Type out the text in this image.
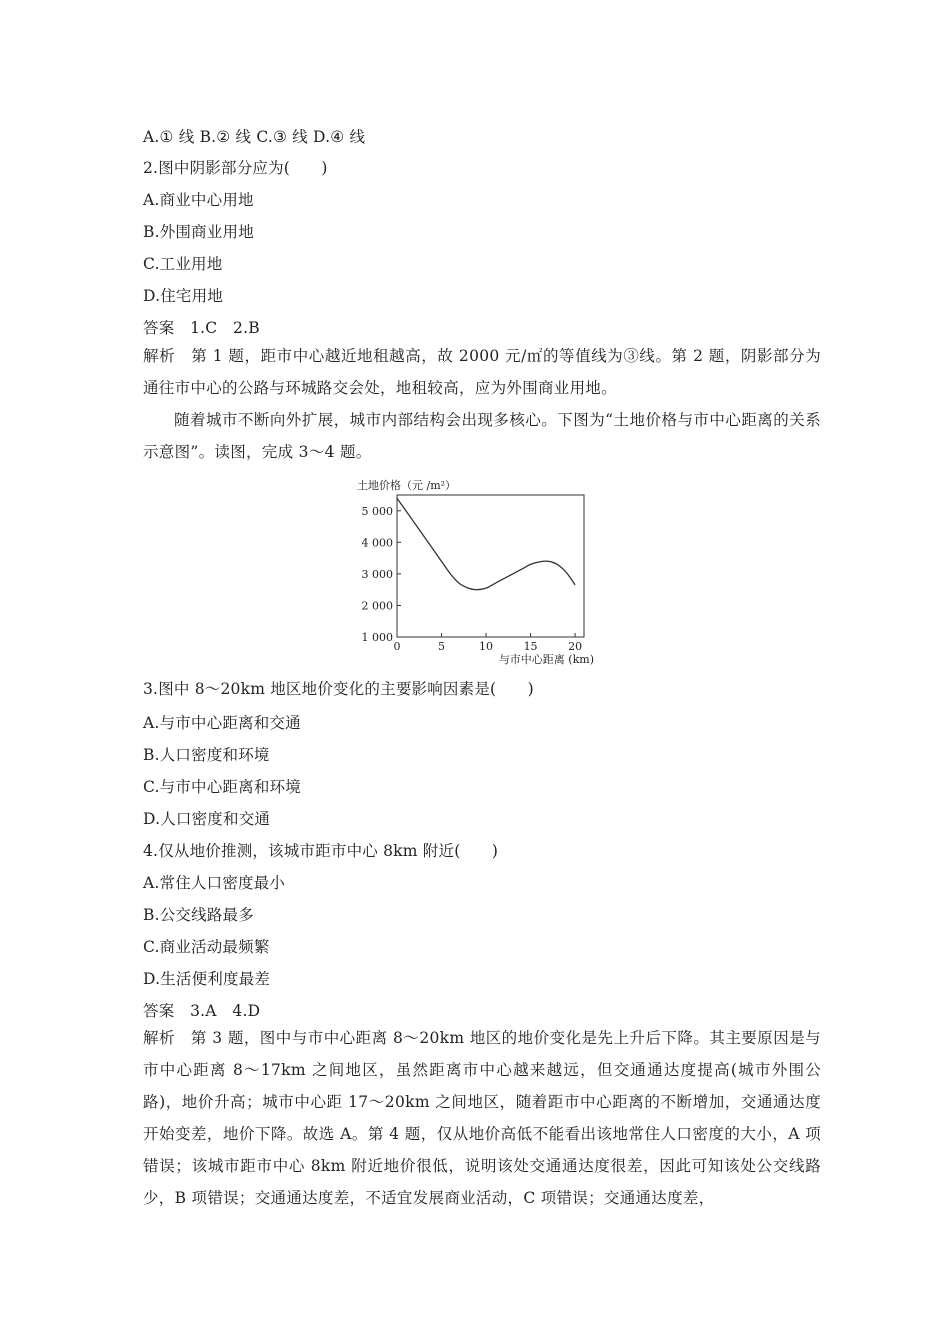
A.① 线 B.② 线 C.③ 线 D.④ 线
2.图中阴影部分应为(　　)
A.商业中心用地
B.外围商业用地
C.工业用地
D.住宅用地
答案　1.C　2.B
解析　第 1 题，距市中心越近地租越高，故 2000 元/㎡的等值线为③线。第 2 题，阴影部分为通往市中心的公路与环城路交会处，地租较高，应为外围商业用地。
随着城市不断向外扩展，城市内部结构会出现多核心。下图为“土地价格与市中心距离的关系示意图”。读图，完成 3～4 题。
土地价格（元 /m²）
1 000
2 000
3 000
4 000
5 000
0	5	10	15	20
与市中心距离 (km)
3.图中 8～20km 地区地价变化的主要影响因素是(　　)
A.与市中心距离和交通
B.人口密度和环境
C.与市中心距离和环境
D.人口密度和交通
4.仅从地价推测，该城市距市中心 8km 附近(　　)
A.常住人口密度最小
B.公交线路最多
C.商业活动最频繁
D.生活便利度最差
答案　3.A　4.D
解析　第 3 题，图中与市中心距离 8～20km 地区的地价变化是先上升后下降。其主要原因是与市中心距离 8～17km 之间地区，虽然距离市中心越来越远，但交通通达度提高(城市外围公路)，地价升高；城市中心距 17～20km 之间地区，随着距市中心距离的不断增加，交通通达度开始变差，地价下降。故选 A。第 4 题，仅从地价高低不能看出该地常住人口密度的大小，A 项错误；该城市距市中心 8km 附近地价很低，说明该处交通通达度很差，因此可知该处公交线路少，B 项错误；交通通达度差，不适宜发展商业活动，C 项错误；交通通达度差，
